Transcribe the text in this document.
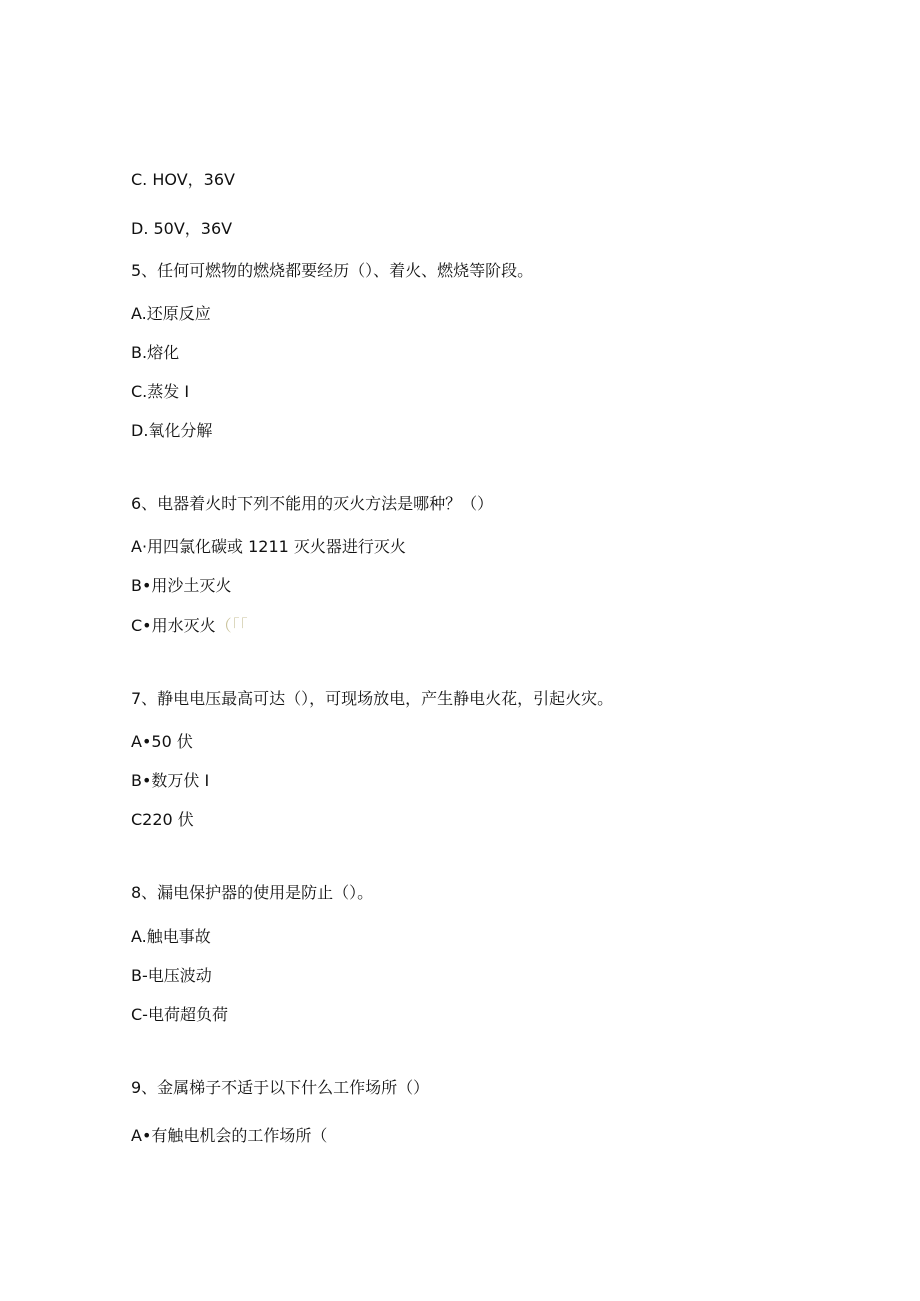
C. HOV，36V
D. 50V，36V
5、任何可燃物的燃烧都要经历（）、着火、燃烧等阶段。
A.还原反应
B.熔化
C.蒸发 I
D.氧化分解
6、电器着火时下列不能用的灭火方法是哪种？（）
A·用四氯化碳或 1211 灭火器进行灭火
B•用沙土灭火
C•用水灭火（「「
7、静电电压最高可达（），可现场放电，产生静电火花，引起火灾。
A•50 伏
B•数万伏 I
C220 伏
8、漏电保护器的使用是防止（）。
A.触电事故
B-电压波动
C-电荷超负荷
9、金属梯子不适于以下什么工作场所（）
A•有触电机会的工作场所（
